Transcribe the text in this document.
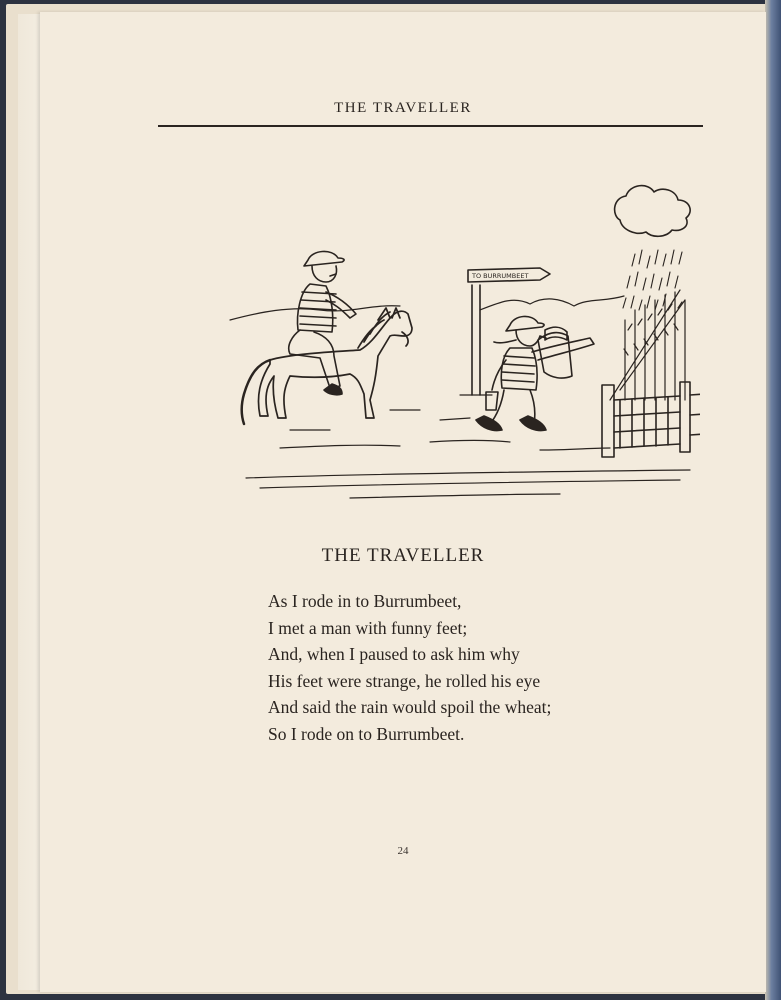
THE TRAVELLER
TO BURRUMBEET
THE TRAVELLER
As I rode in to Burrumbeet,
I met a man with funny feet;
And, when I paused to ask him why
His feet were strange, he rolled his eye
And said the rain would spoil the wheat;
So I rode on to Burrumbeet.
24
